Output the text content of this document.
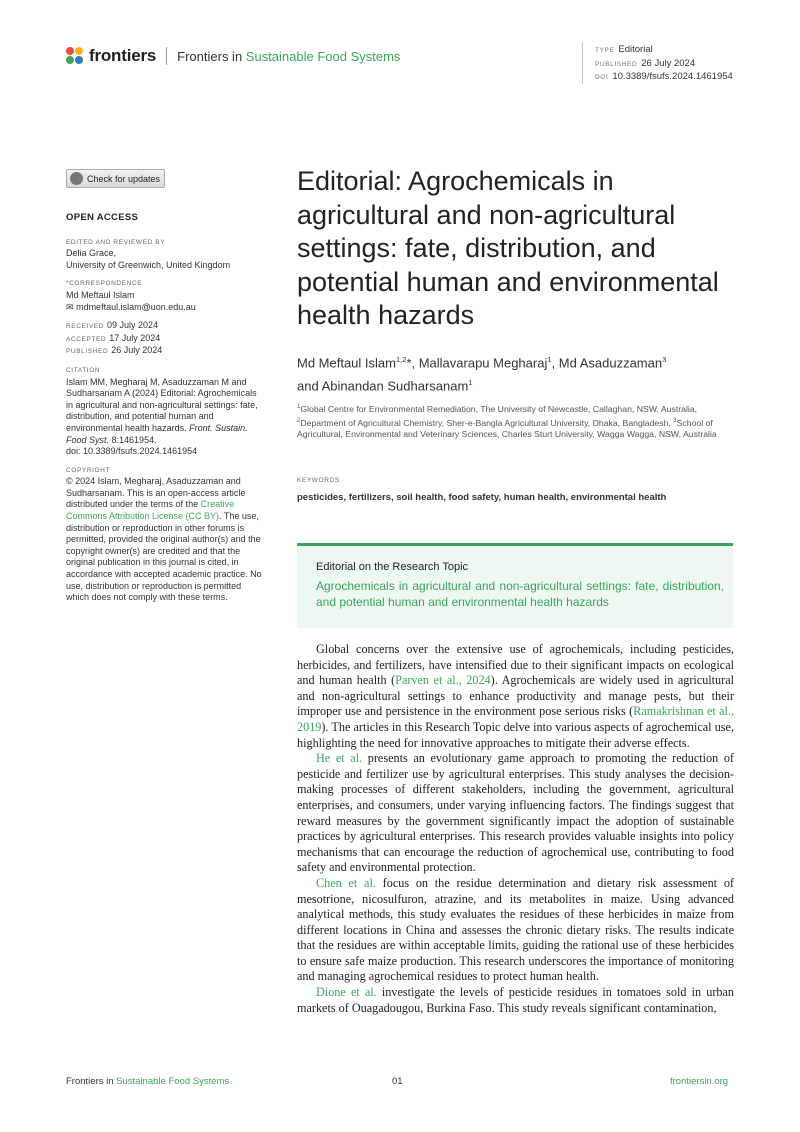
frontiers Frontiers in Sustainable Food Systems	TYPE Editorial
PUBLISHED 26 July 2024
DOI 10.3389/fsufs.2024.1461954
Check for updates
OPEN ACCESS
EDITED AND REVIEWED BY
Delia Grace,
University of Greenwich, United Kingdom
*CORRESPONDENCE
Md Meftaul Islam
✉ mdmeftaul.islam@uon.edu.au
RECEIVED 09 July 2024
ACCEPTED 17 July 2024
PUBLISHED 26 July 2024
CITATION
Islam MM, Megharaj M, Asaduzzaman M and Sudharsanam A (2024) Editorial: Agrochemicals in agricultural and non-agricultural settings: fate, distribution, and potential human and environmental health hazards. Front. Sustain. Food Syst. 8:1461954.
doi: 10.3389/fsufs.2024.1461954
COPYRIGHT
© 2024 Islam, Megharaj, Asaduzzaman and Sudharsanam. This is an open-access article distributed under the terms of the Creative Commons Attribution License (CC BY). The use, distribution or reproduction in other forums is permitted, provided the original author(s) and the copyright owner(s) are credited and that the original publication in this journal is cited, in accordance with accepted academic practice. No use, distribution or reproduction is permitted which does not comply with these terms.
Editorial: Agrochemicals in agricultural and non-agricultural settings: fate, distribution, and potential human and environmental health hazards
Md Meftaul Islam$^{1,2}$*, Mallavarapu Megharaj$^1$, Md Asaduzzaman$^3$
and Abinandan Sudharsanam$^1$
$^1$Global Centre for Environmental Remediation, The University of Newcastle, Callaghan, NSW, Australia, $^2$Department of Agricultural Chemistry, Sher-e-Bangla Agricultural University, Dhaka, Bangladesh, $^3$School of Agricultural, Environmental and Veterinary Sciences, Charles Sturt University, Wagga Wagga, NSW, Australia
KEYWORDS
pesticides, fertilizers, soil health, food safety, human health, environmental health
Editorial on the Research Topic
Agrochemicals in agricultural and non-agricultural settings: fate, distribution, and potential human and environmental health hazards

Global concerns over the extensive use of agrochemicals, including pesticides, herbicides, and fertilizers, have intensified due to their significant impacts on ecological and human health (Parven et al., 2024). Agrochemicals are widely used in agricultural and non-agricultural settings to enhance productivity and manage pests, but their improper use and persistence in the environment pose serious risks (Ramakrishnan et al., 2019). The articles in this Research Topic delve into various aspects of agrochemical use, highlighting the need for innovative approaches to mitigate their adverse effects.

He et al. presents an evolutionary game approach to promoting the reduction of pesticide and fertilizer use by agricultural enterprises. This study analyses the decision-making processes of different stakeholders, including the government, agricultural enterprises, and consumers, under varying influencing factors. The findings suggest that reward measures by the government significantly impact the adoption of sustainable practices by agricultural enterprises. This research provides valuable insights into policy mechanisms that can encourage the reduction of agrochemical use, contributing to food safety and environmental protection.

Chen et al. focus on the residue determination and dietary risk assessment of mesotrione, nicosulfuron, atrazine, and its metabolites in maize. Using advanced analytical methods, this study evaluates the residues of these herbicides in maize from different locations in China and assesses the chronic dietary risks. The results indicate that the residues are within acceptable limits, guiding the rational use of these herbicides to ensure safe maize production. This research underscores the importance of monitoring and managing agrochemical residues to protect human health.

Dione et al. investigate the levels of pesticide residues in tomatoes sold in urban markets of Ouagadougou, Burkina Faso. This study reveals significant contamination,

Frontiers in Sustainable Food Systems	01	frontiersin.org
